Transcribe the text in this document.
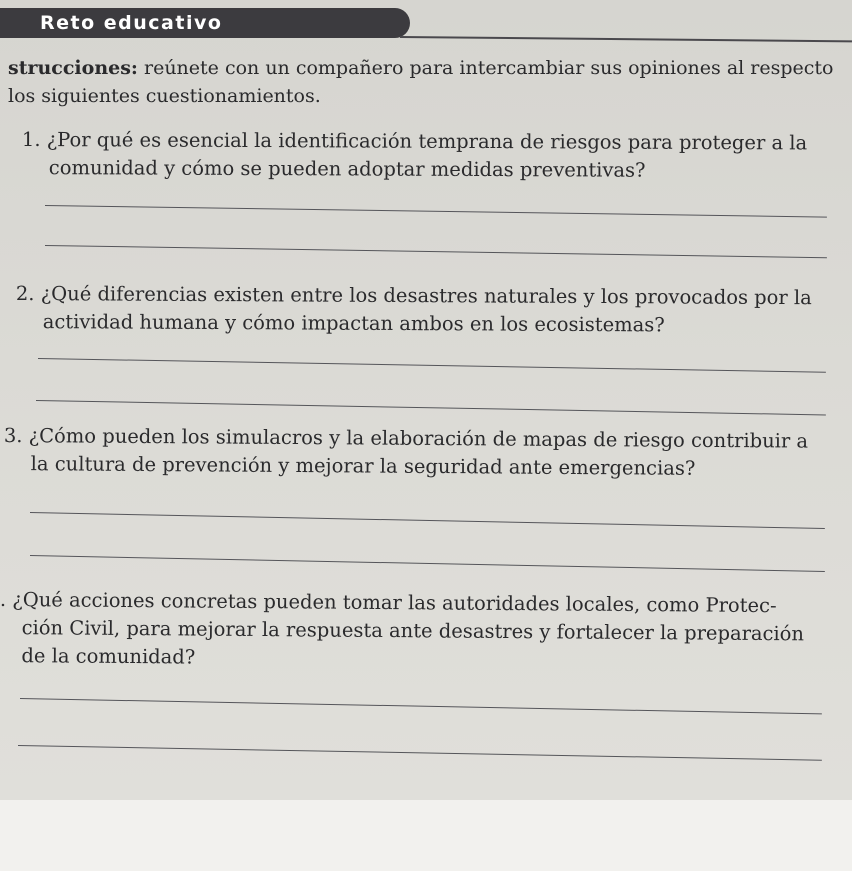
Reto educativo
strucciones: reúnete con un compañero para intercambiar sus opiniones al respecto
los siguientes cuestionamientos.
1. ¿Por qué es esencial la identificación temprana de riesgos para proteger a la
comunidad y cómo se pueden adoptar medidas preventivas?
2. ¿Qué diferencias existen entre los desastres naturales y los provocados por la
actividad humana y cómo impactan ambos en los ecosistemas?
3. ¿Cómo pueden los simulacros y la elaboración de mapas de riesgo contribuir a
la cultura de prevención y mejorar la seguridad ante emergencias?
. ¿Qué acciones concretas pueden tomar las autoridades locales, como Protec-
ción Civil, para mejorar la respuesta ante desastres y fortalecer la preparación
de la comunidad?
